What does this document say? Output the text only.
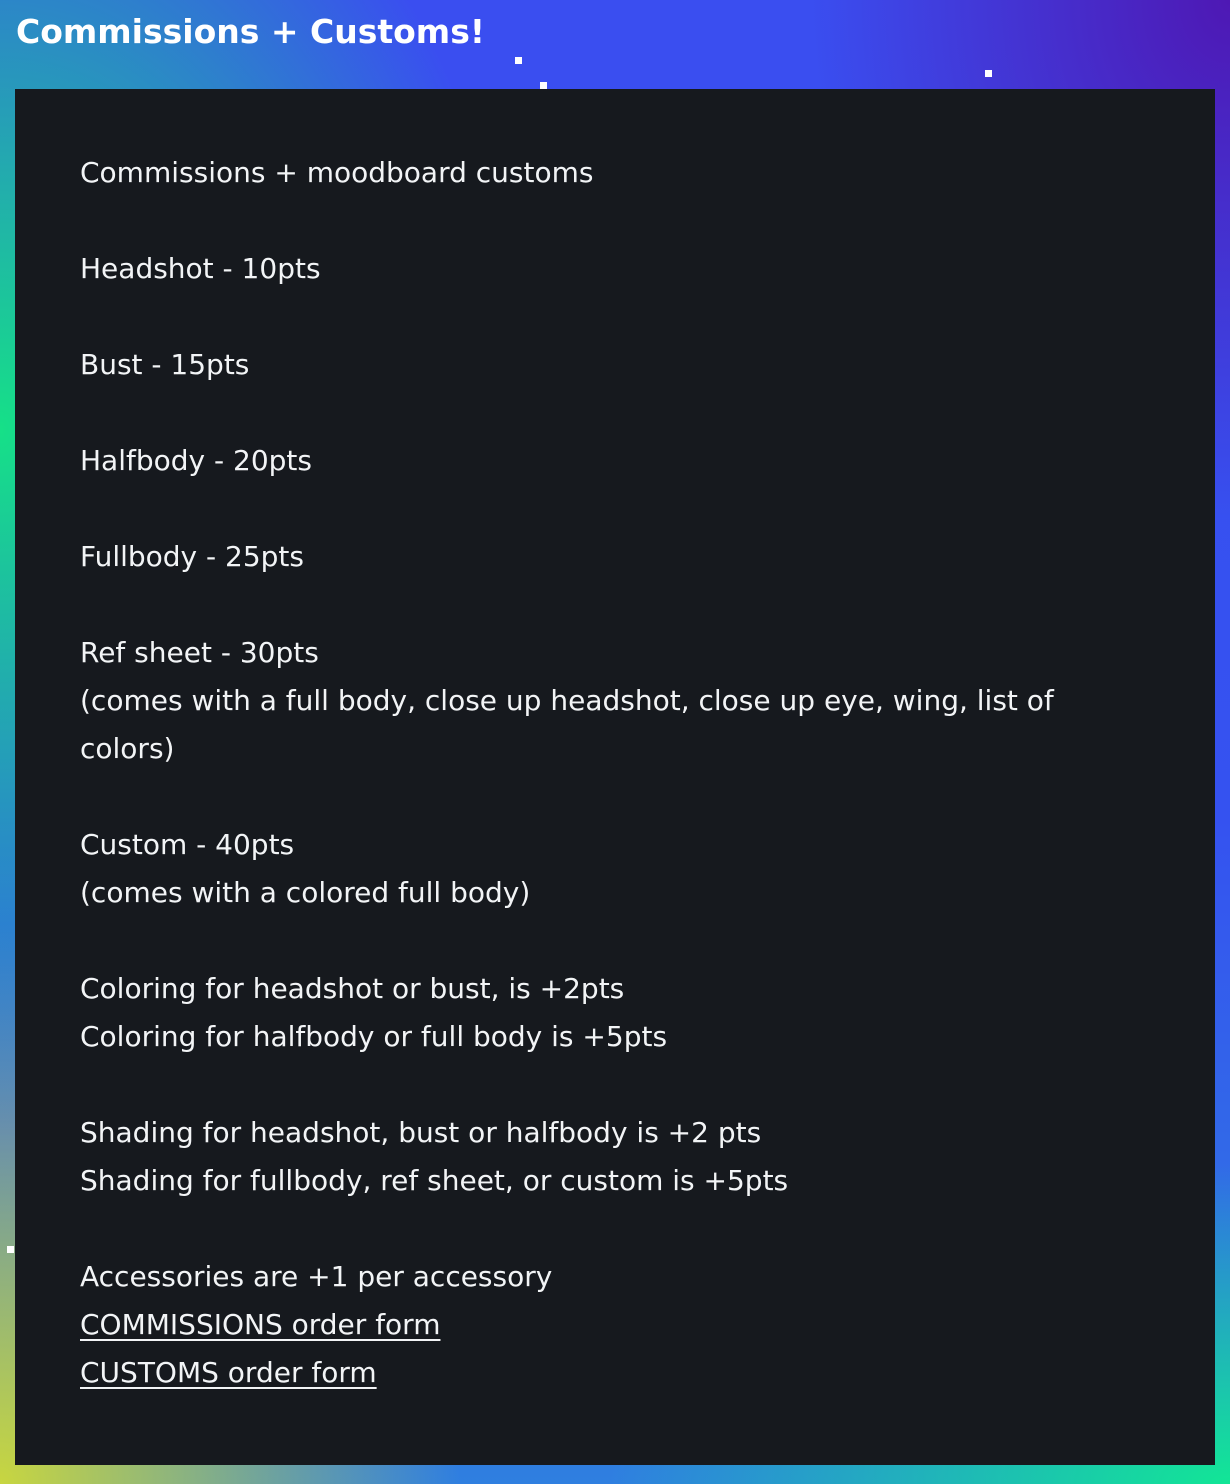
Commissions + Customs!
Commissions + moodboard customs
Headshot - 10pts
Bust - 15pts
Halfbody - 20pts
Fullbody - 25pts
Ref sheet - 30pts
(comes with a full body, close up headshot, close up eye, wing, list of
colors)
Custom - 40pts
(comes with a colored full body)
Coloring for headshot or bust, is +2pts
Coloring for halfbody or full body is +5pts
Shading for headshot, bust or halfbody is +2 pts
Shading for fullbody, ref sheet, or custom is +5pts
Accessories are +1 per accessory
COMMISSIONS order form
CUSTOMS order form
